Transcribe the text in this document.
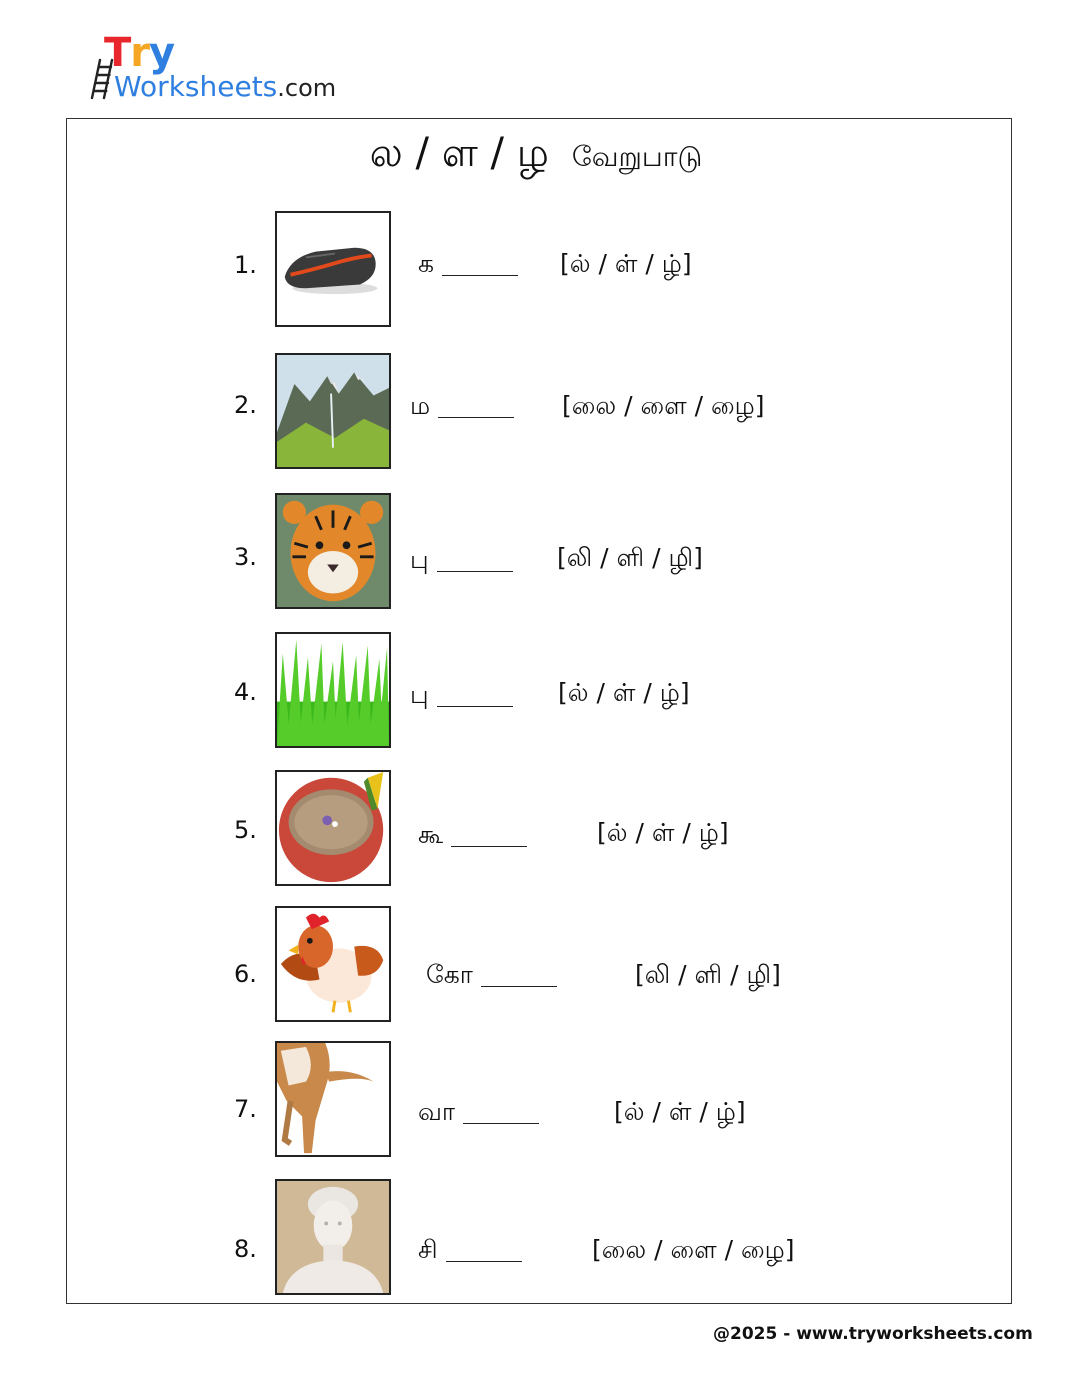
Try
Worksheets.com
ல / ள / ழ வேறுபாடு
1.	க	[ல் / ள் / ழ்]
2.	ம	[லை / ளை / ழை]
3.	பு	[லி / ளி / ழி]
4.	பு	[ல் / ள் / ழ்]
5.	கூ	[ல் / ள் / ழ்]
6.	கோ	[லி / ளி / ழி]
7.	வா	[ல் / ள் / ழ்]
8.	சி	[லை / ளை / ழை]
@2025 - www.tryworksheets.com
